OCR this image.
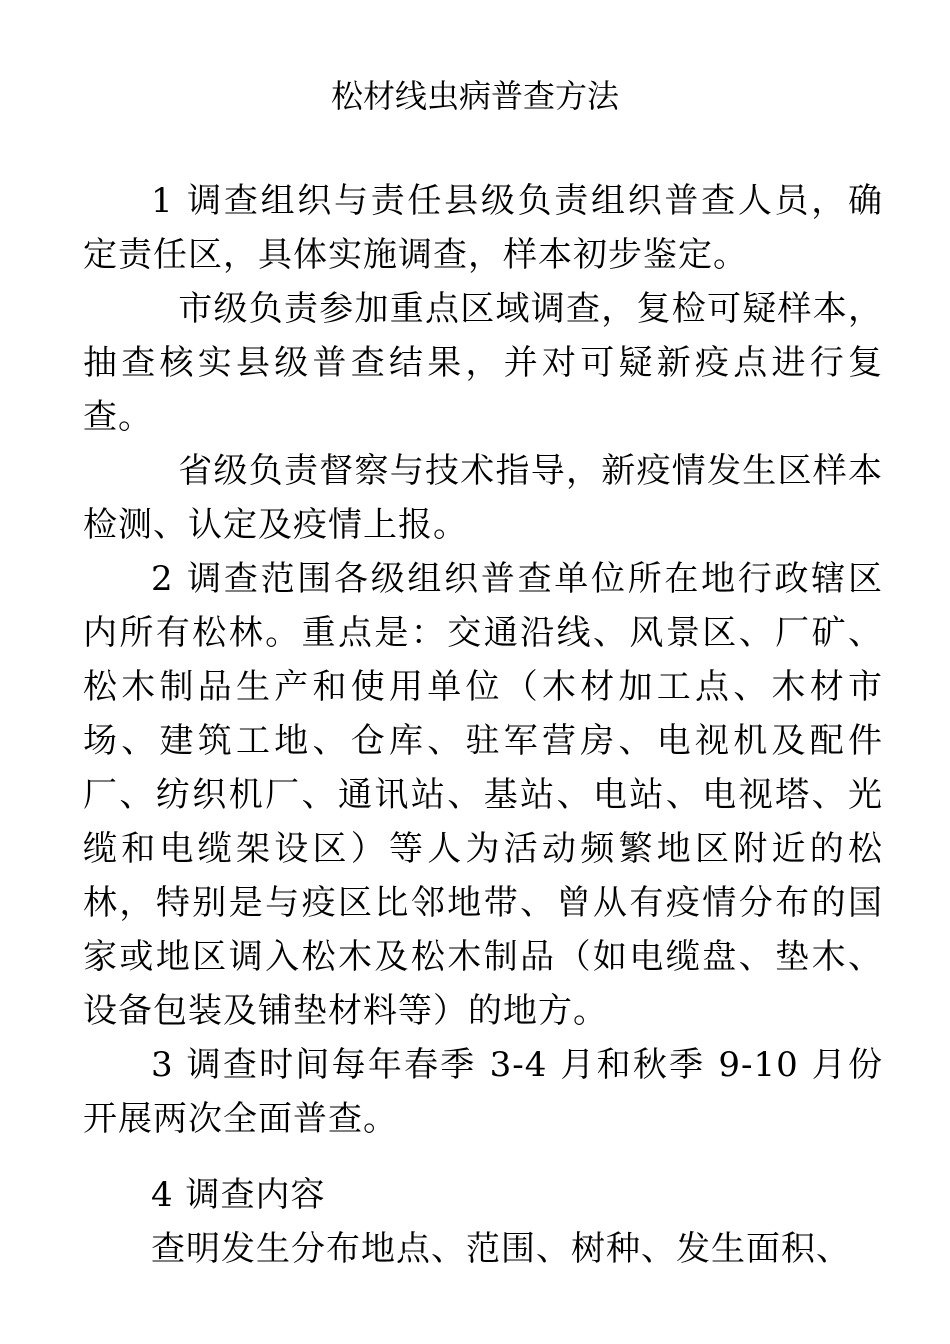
松材线虫病普查方法

1 调查组织与责任县级负责组织普查人员，确定责任区，具体实施调查，样本初步鉴定。

市级负责参加重点区域调查，复检可疑样本，抽查核实县级普查结果，并对可疑新疫点进行复查。

省级负责督察与技术指导，新疫情发生区样本检测、认定及疫情上报。

2 调查范围各级组织普查单位所在地行政辖区内所有松林。重点是：交通沿线、风景区、厂矿、松木制品生产和使用单位（木材加工点、木材市场、建筑工地、仓库、驻军营房、电视机及配件厂、纺织机厂、通讯站、基站、电站、电视塔、光缆和电缆架设区）等人为活动频繁地区附近的松林，特别是与疫区比邻地带、曾从有疫情分布的国家或地区调入松木及松木制品（如电缆盘、垫木、设备包装及铺垫材料等）的地方。

3 调查时间每年春季 3-4 月和秋季 9-10 月份开展两次全面普查。

4 调查内容

查明发生分布地点、范围、树种、发生面积、
